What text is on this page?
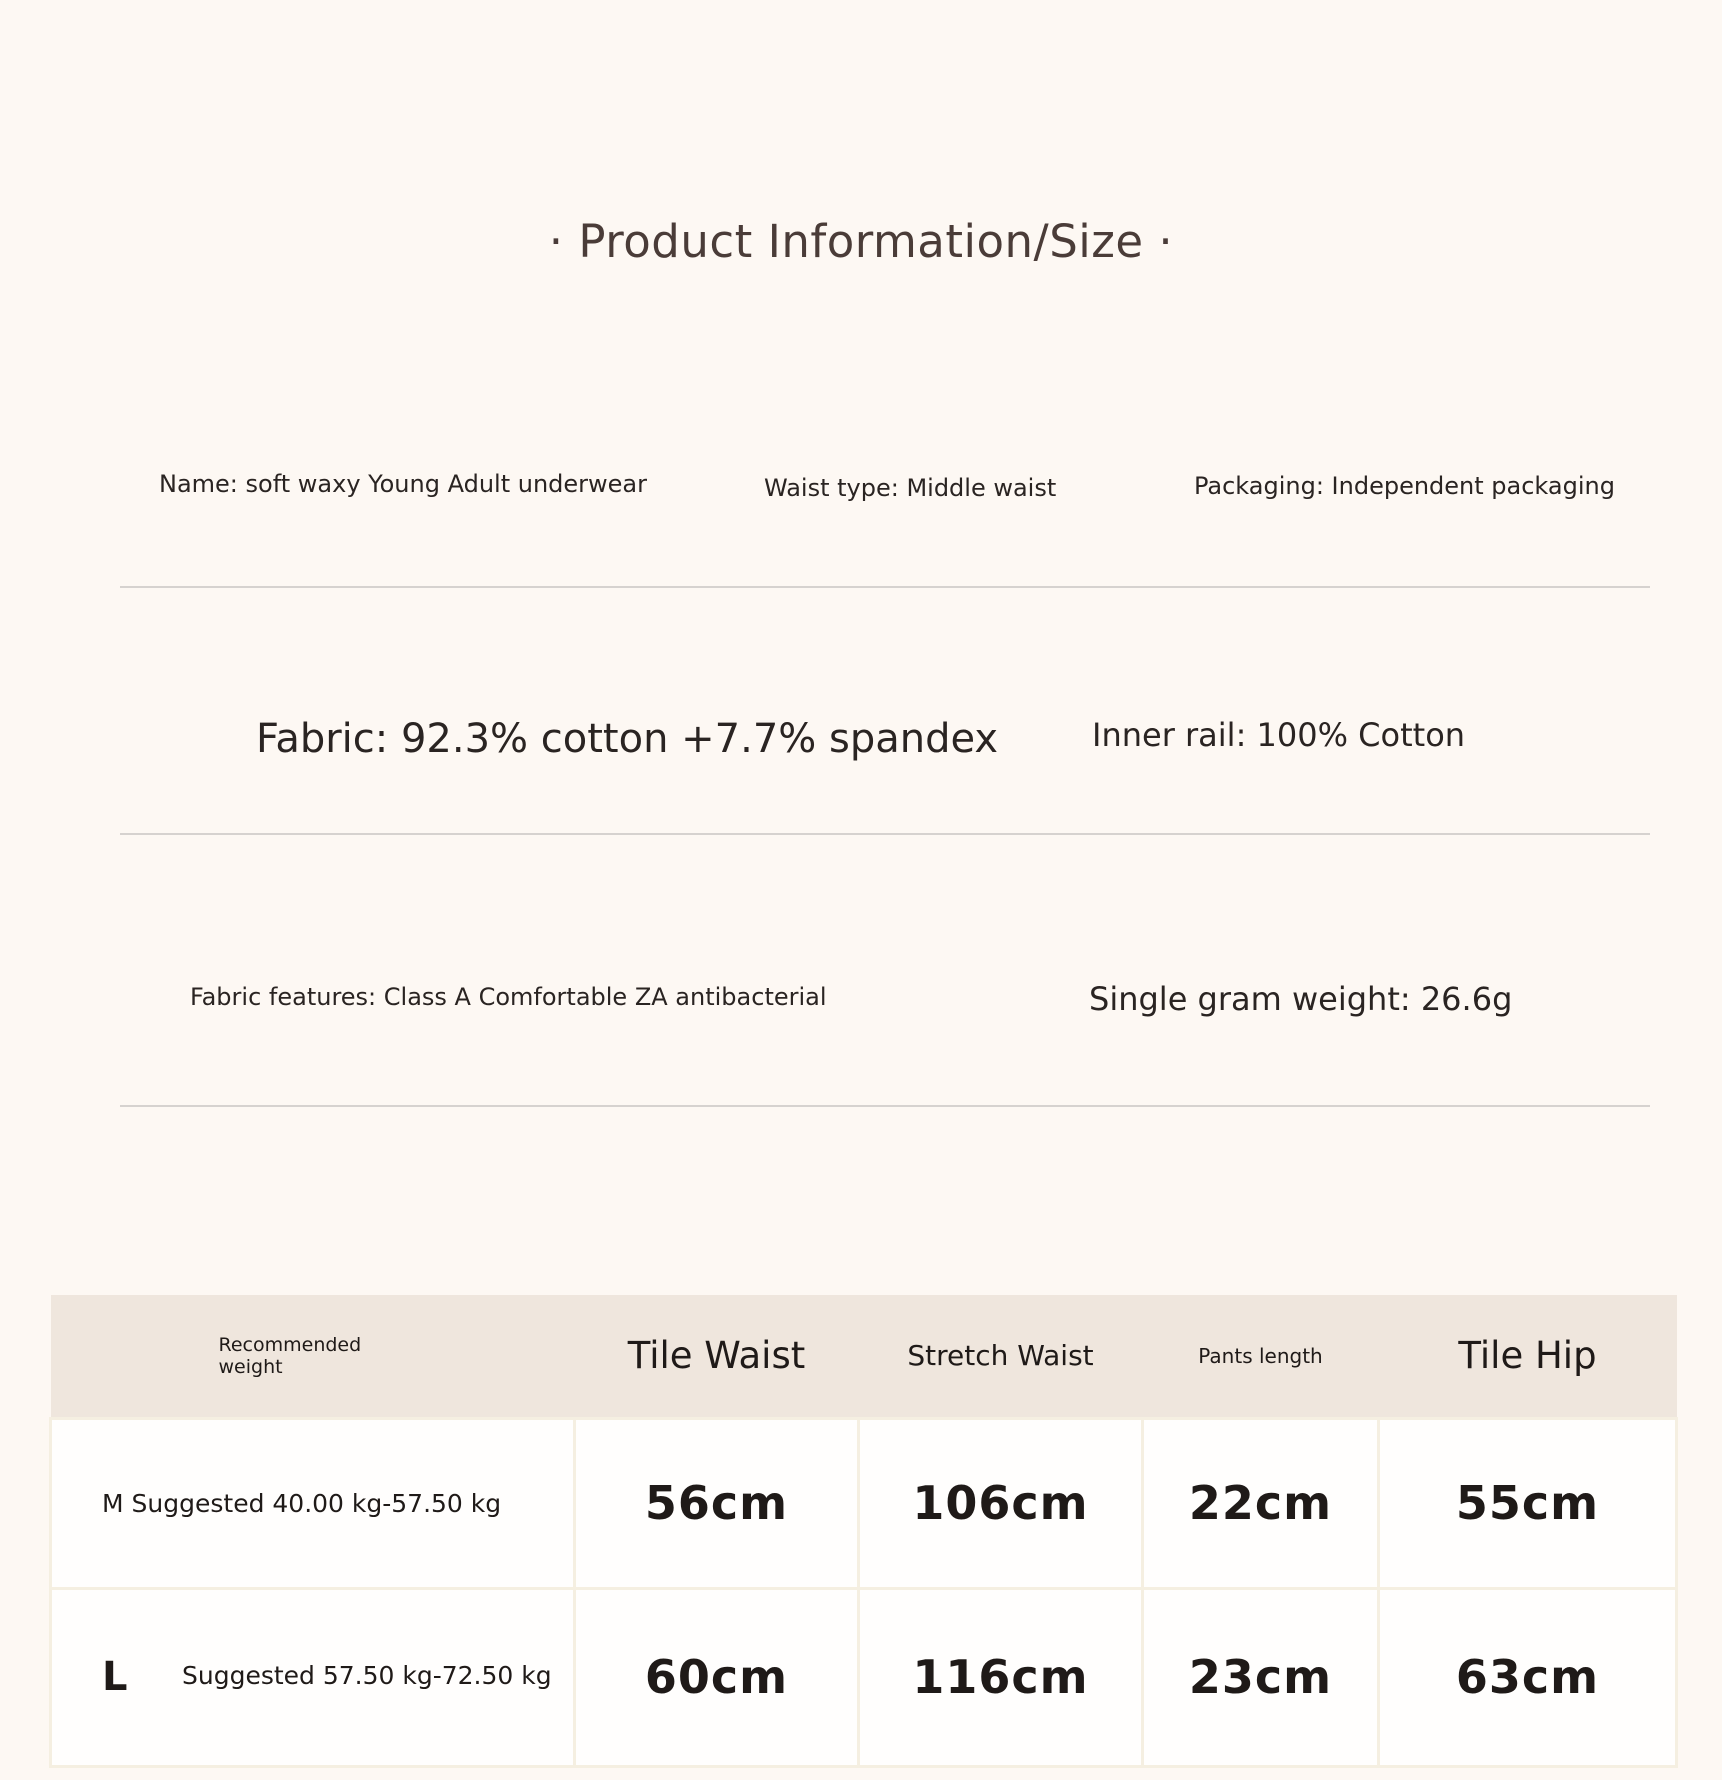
· Product Information/Size ·
Name: soft waxy Young Adult underwear	Waist type: Middle waist	Packaging: Independent packaging
Fabric: 92.3% cotton +7.7% spandex	Inner rail: 100% Cotton
Fabric features: Class A Comfortable ZA antibacterial	Single gram weight: 26.6g
Recommended
weight	Tile Waist	Stretch Waist	Pants length	Tile Hip
M Suggested 40.00 kg-57.50 kg	56cm	106cm	22cm	55cm
L Suggested 57.50 kg-72.50 kg	60cm	116cm	23cm	63cm
